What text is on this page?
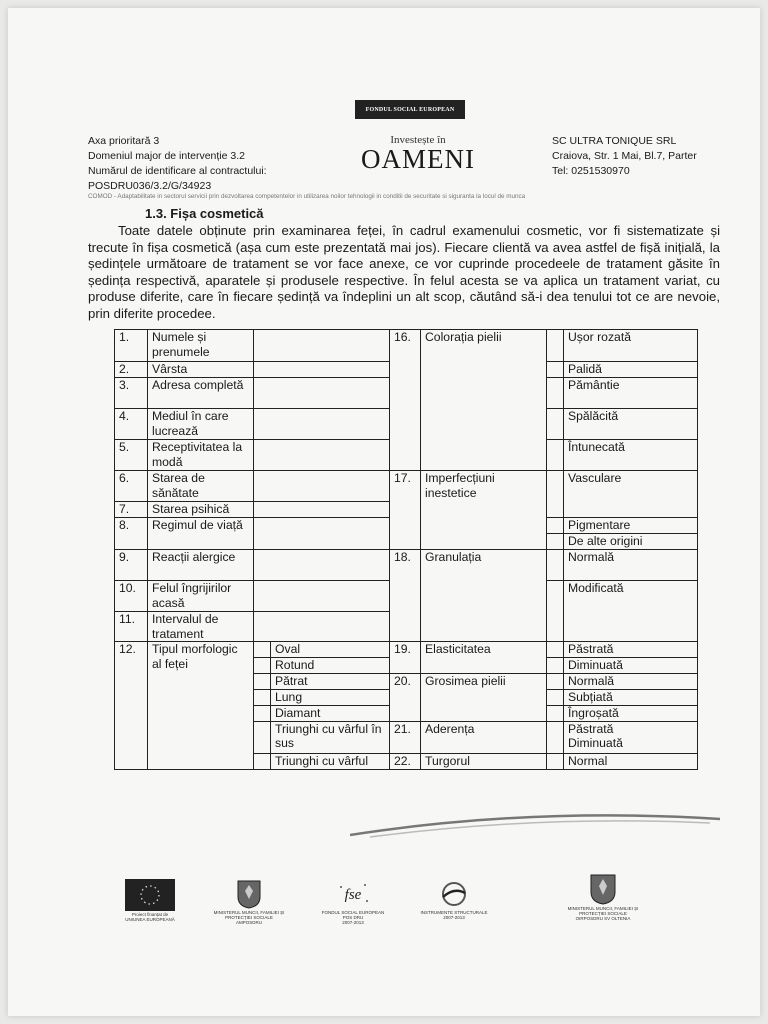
FONDUL SOCIAL EUROPEAN
Axa prioritară 3
Domeniul major de intervenție 3.2
Numărul de identificare al contractului:
POSDRU036/3.2/G/34923
Investește în
OAMENI
SC ULTRA TONIQUE SRL
Craiova, Str. 1 Mai, Bl.7, Parter
Tel: 0251530970
COMOD - Adaptabilitate in sectorul servicii prin dezvoltarea competentelor in utilizarea noilor tehnologii in conditii de securitate si siguranta la locul de munca
1.3. Fișa cosmetică
Toate datele obținute prin examinarea feței, în cadrul examenului cosmetic, vor fi sistematizate și trecute în fișa cosmetică (așa cum este prezentată mai jos). Fiecare clientă va avea astfel de fișă inițială, la ședințele următoare de tratament se vor face anexe, ce vor cuprinde procedeele de tratament găsite în ședința respectivă, aparatele și produsele respective. În felul acesta se va aplica un tratament variat, cu produse diferite, care în fiecare ședință va îndeplini un alt scop, căutând să-i dea tenului tot ce are nevoie, prin diferite procedee.
1.	Numele și prenumele			16.	Colorația pielii		Ușor rozată
2.	Vârsta						Palidă
3.	Adresa completă						Pământie
4.	Mediul în care lucrează						Spălăcită
5.	Receptivitatea la modă						Întunecată
6.	Starea de sănătate			17.	Imperfecțiuni inestetice		Vasculare
7.	Starea psihică						
8.	Regimul de viață						Pigmentare
							De alte origini
9.	Reacții alergice			18.	Granulația		Normală
10.	Felul îngrijirilor acasă						Modificată
11.	Intervalul de tratament						
12.	Tipul morfologic al feței		Oval	19.	Elasticitatea		Păstrată
			Rotund				Diminuată
			Pătrat	20.	Grosimea pielii		Normală
			Lung				Subțiată
			Diamant				Îngroșată
			Triunghi cu vârful în sus	21.	Aderența		Păstrată
Diminuată

			Triunghi cu vârful	22.	Turgorul		Normal
Proiect finanțat de
UNIUNEA EUROPEANĂ
MINISTERUL MUNCII, FAMILIEI ȘI
PROTECȚIEI SOCIALE
AMPOSDRU
fse
FONDUL SOCIAL EUROPEAN
POS DRU
2007-2013
INSTRUMENTE STRUCTURALE
2007-2013
MINISTERUL MUNCII, FAMILIEI ȘI
PROTECȚIEI SOCIALE
OIRPOSDRU SV OLTENIA
